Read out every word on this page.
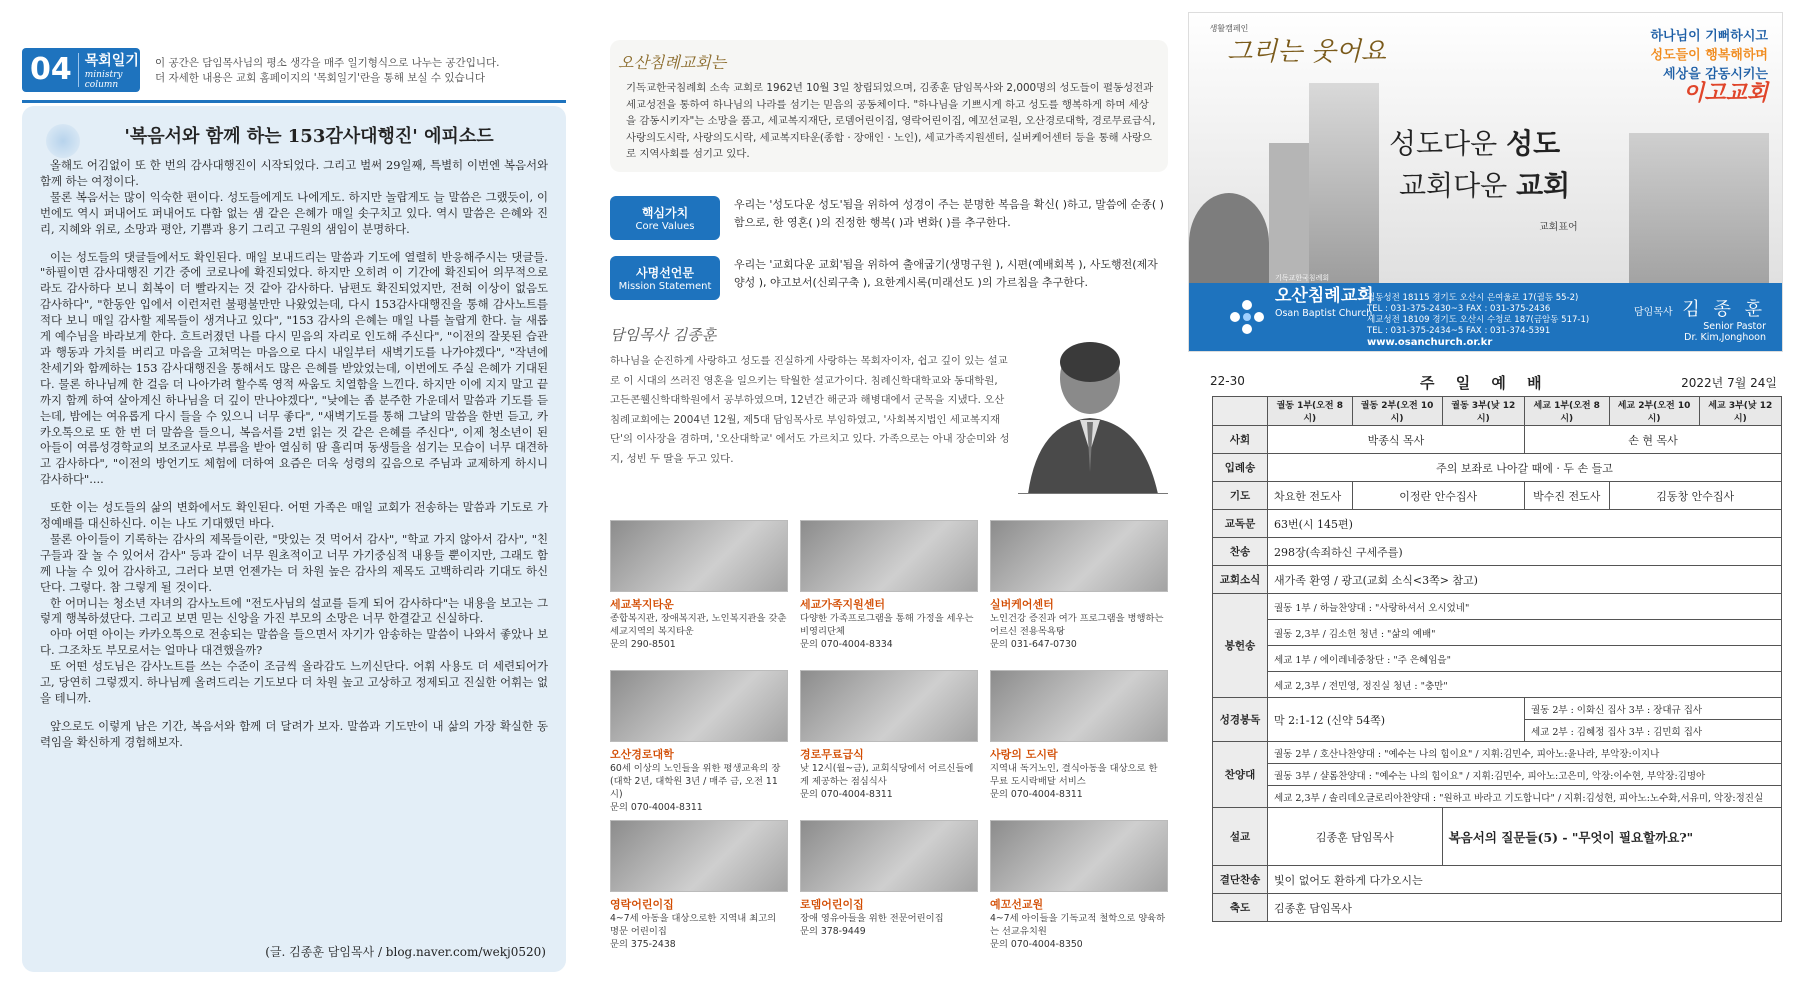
04 목회일기
ministry column
이 공간은 담임목사님의 평소 생각을 매주 일기형식으로 나누는 공간입니다.
더 자세한 내용은 교회 홈페이지의 '목회일기'란을 통해 보실 수 있습니다
'복음서와 함께 하는 153감사대행진' 에피소드

올해도 어김없이 또 한 번의 감사대행진이 시작되었다. 그리고 벌써 29일째, 특별히 이번엔 복음서와 함께 하는 여정이다.

물론 복음서는 많이 익숙한 편이다. 성도들에게도 나에게도. 하지만 놀랍게도 늘 말씀은 그랬듯이, 이번에도 역시 퍼내어도 퍼내어도 다함 없는 샘 같은 은혜가 매일 솟구치고 있다. 역시 말씀은 은혜와 진리, 지혜와 위로, 소망과 평안, 기쁨과 용기 그리고 구원의 샘임이 분명하다.

이는 성도들의 댓글들에서도 확인된다. 매일 보내드리는 말씀과 기도에 열렬히 반응해주시는 댓글들. "하필이면 감사대행진 기간 중에 코로나에 확진되었다. 하지만 오히려 이 기간에 확진되어 의무적으로라도 감사하다 보니 회복이 더 빨라지는 것 같아 감사하다. 남편도 확진되었지만, 전혀 이상이 없음도 감사하다", "한동안 입에서 이런저런 불평불만만 나왔었는데, 다시 153감사대행진을 통해 감사노트를 적다 보니 매일 감사할 제목들이 생겨나고 있다", "153 감사의 은혜는 매일 나를 놀랍게 한다. 늘 새롭게 예수님을 바라보게 한다. 흐트러졌던 나를 다시 믿음의 자리로 인도해 주신다", "이전의 잘못된 습관과 행동과 가치를 버리고 마음을 고쳐먹는 마음으로 다시 내일부터 새벽기도를 나가야겠다", "작년에 찬세기와 함께하는 153 감사대행진을 통해서도 많은 은혜를 받았었는데, 이번에도 주실 은혜가 기대된다. 물론 하나님께 한 걸음 더 나아가려 할수록 영적 싸움도 치열함을 느낀다. 하지만 이에 지지 말고 끝까지 함께 하여 살아계신 하나님을 더 깊이 만나야겠다", "낮에는 좀 분주한 가운데서 말씀과 기도를 듣는데, 밤에는 여유롭게 다시 들을 수 있으니 너무 좋다", "새벽기도를 통해 그날의 말씀을 한번 듣고, 카카오톡으로 또 한 번 더 말씀을 들으니, 복음서를 2번 읽는 것 같은 은혜를 주신다", 이제 청소년이 된 아들이 여름성경학교의 보조교사로 부름을 받아 열심히 땀 흘리며 동생들을 섬기는 모습이 너무 대견하고 감사하다", "이전의 방언기도 체험에 더하여 요즘은 더욱 성령의 깊음으로 주님과 교제하게 하시니 감사하다"....

또한 이는 성도들의 삶의 변화에서도 확인된다. 어떤 가족은 매일 교회가 전송하는 말씀과 기도로 가정예배를 대신하신다. 이는 나도 기대했던 바다.

물론 아이들이 기록하는 감사의 제목들이란, "맛있는 것 먹어서 감사", "학교 가지 않아서 감사", "친구들과 잘 놀 수 있어서 감사" 등과 같이 너무 원초적이고 너무 가기중심적 내용들 뿐이지만, 그래도 함께 나눌 수 있어 감사하고, 그러다 보면 언젠가는 더 차원 높은 감사의 제목도 고백하리라 기대도 하신단다. 그렇다. 참 그렇게 될 것이다.

한 어머니는 청소년 자녀의 감사노트에 "전도사님의 설교를 듣게 되어 감사하다"는 내용을 보고는 그렇게 행복하셨단다. 그리고 보면 믿는 신앙을 가진 부모의 소망은 너무 한결같고 신실하다.

아마 어떤 아이는 카카오톡으로 전송되는 말씀을 들으면서 자기가 암송하는 말씀이 나와서 좋았나 보다. 그조차도 부모로서는 얼마나 대견했을까?

또 어떤 성도님은 감사노트를 쓰는 수준이 조금씩 올라감도 느끼신단다. 어휘 사용도 더 세련되어가고, 당연히 그렇겠지. 하나님께 올려드리는 기도보다 더 차원 높고 고상하고 정제되고 진실한 어휘는 없을 테니까.

앞으로도 이렇게 남은 기간, 복음서와 함께 더 달려가 보자. 말씀과 기도만이 내 삶의 가장 확실한 동력임을 확신하게 경험해보자.

(글. 김종훈 담임목사 / blog.naver.com/wekj0520)
오산침례교회는
기독교한국침례회 소속 교회로 1962년 10월 3일 창립되었으며, 김종훈 담임목사와 2,000명의 성도들이 펼동성전과 세교성전을 통하여 하나님의 나라를 섬기는 믿음의 공동체이다. "하나님을 기쁘시게 하고 성도를 행복하게 하며 세상을 감동시키자"는 소망을 품고, 세교복지재단, 로뎀어린이집, 영락어린이집, 예꼬선교원, 오산경로대학, 경로무료급식, 사랑의도시락, 사랑의도시락, 세교복지타운(종합 · 장애인 · 노인), 세교가족지원센터, 실버케어센터 등을 통해 사랑으로 지역사회를 섬기고 있다.
핵심가치
Core Values
우리는 '성도다운 성도'됨을 위하여 성경이 주는 분명한 복음을 확신( )하고, 말씀에 순종( )함으로, 한 영혼( )의 진정한 행복( )과 변화( )를 추구한다.
사명선언문
Mission Statement
우리는 '교회다운 교회'됨을 위하여 출애굽기(생명구원 ), 시편(예배회복 ), 사도행전(제자양성 ), 야고보서(신뢰구축 ), 요한계시록(미래선도 )의 가르침을 추구한다.
담임목사 김종훈
하나님을 순진하게 사랑하고 성도를 진실하게 사랑하는 목회자이자, 쉽고 깊이 있는 설교로 이 시대의 쓰러진 영혼을 일으키는 탁월한 설교가이다. 침례신학대학교와 동대학원, 고든콘웰신학대학원에서 공부하였으며, 12년간 해군과 해병대에서 군목을 지냈다. 오산침례교회에는 2004년 12월, 제5대 담임목사로 부임하였고, '사회복지법인 세교복지재단'의 이사장을 겸하며, '오산대학교' 에서도 가르치고 있다. 가족으로는 아내 장순미와 성지, 성빈 두 딸을 두고 있다.
세교복지타운
종합복지관, 장애복지관, 노인복지관을 갖춘 세교지역의 복지타운
문의 290-8501
세교가족지원센터
다양한 가족프로그램을 통해 가정을 세우는 비영리단체
문의 070-4004-8334
실버케어센터
노인건강 증진과 여가 프로그램을 병행하는 어르신 전용목욕탕
문의 031-647-0730
오산경로대학
60세 이상의 노인들을 위한 평생교육의 장 (대학 2년, 대학원 3년 / 매주 금, 오전 11시)
문의 070-4004-8311
경로무료급식
낮 12시(월~금), 교회식당에서 어르신들에게 제공하는 점심식사
문의 070-4004-8311
사랑의 도시락
지역내 독거노인, 결식아동을 대상으로 한 무료 도시락배달 서비스
문의 070-4004-8311
영락어린이집
4~7세 아동을 대상으로한 지역내 최고의 명문 어린이집
문의 375-2438
로뎀어린이집
장애 영유아들을 위한 전문어린이집
문의 378-9449
예꼬선교원
4~7세 아이들을 기독교적 철학으로 양육하는 선교유치원
문의 070-4004-8350
생활캠페인
그리는 웃어요
하나님이 기뻐하시고
성도들이 행복해하며
세상을 감동시키는
이고교회
성도다운 성도
교회다운 교회
교회표어
기독교한국침례회
오산침례교회
Osan Baptist Church
궐동성전 18115 경기도 오산시 은여울로 17(궐동 55-2)
TEL : 031-375-2430~3 FAX : 031-375-2436
세교성전 18109 경기도 오산시 수청로 187(금암동 517-1)
TEL : 031-375-2434~5 FAX : 031-374-5391
www.osanchurch.or.kr
담임목사 김 종 훈
Senior Pastor
Dr. Kim,Jonghoon
22-30	주 일 예 배	2022년 7월 24일
	궐동 1부(오전 8시)	궐동 2부(오전 10시)	궐동 3부(낮 12시)	세교 1부(오전 8시)	세교 2부(오전 10시)	세교 3부(낮 12시)
사회	박종식 목사			손 현 목사		
입례송	주의 보좌로 나아갈 때에 · 두 손 들고					
기도	차요한 전도사	이정란 안수집사		박수진 전도사	김동창 안수집사	
교독문	63번(시 145편)					
찬송	298장(속죄하신 구세주를)					
교회소식	새가족 환영 / 광고(교회 소식<3쪽> 참고)					
봉헌송	궐동 1부 / 하늘찬양대 : "사랑하셔서 오시었네"					
	궐동 2,3부 / 김소헌 청년 : "삶의 예배"					
	세교 1부 / 에이레네중창단 : "주 은혜임을"					
	세교 2,3부 / 전민영, 정진실 청년 : "충만"					
성경봉독	막 2:1-12 (신약 54쪽)			궐동 2부 : 이화신 집사 3부 : 장대규 집사		
				세교 2부 : 김혜정 집사 3부 : 김민희 집사		
찬양대	궐동 2부 / 호산나찬양대 : "예수는 나의 힘이요" / 지휘:김민수, 피아노:윤나라, 부악장:이지나					
	궐동 3부 / 샬롬찬양대 : "예수는 나의 힘이요" / 지휘:김민수, 피아노:고은미, 악장:이수현, 부악장:김명아					
	세교 2,3부 / 솔리데오글로리아찬양대 : "원하고 바라고 기도합니다" / 지휘:김성현, 피아노:노수화,서유미, 악장:정진실					
설교	김종훈 담임목사		복음서의 질문들(5) - "무엇이 필요할까요?"			
결단찬송	빛이 없어도 환하게 다가오시는					
축도	김종훈 담임목사					
